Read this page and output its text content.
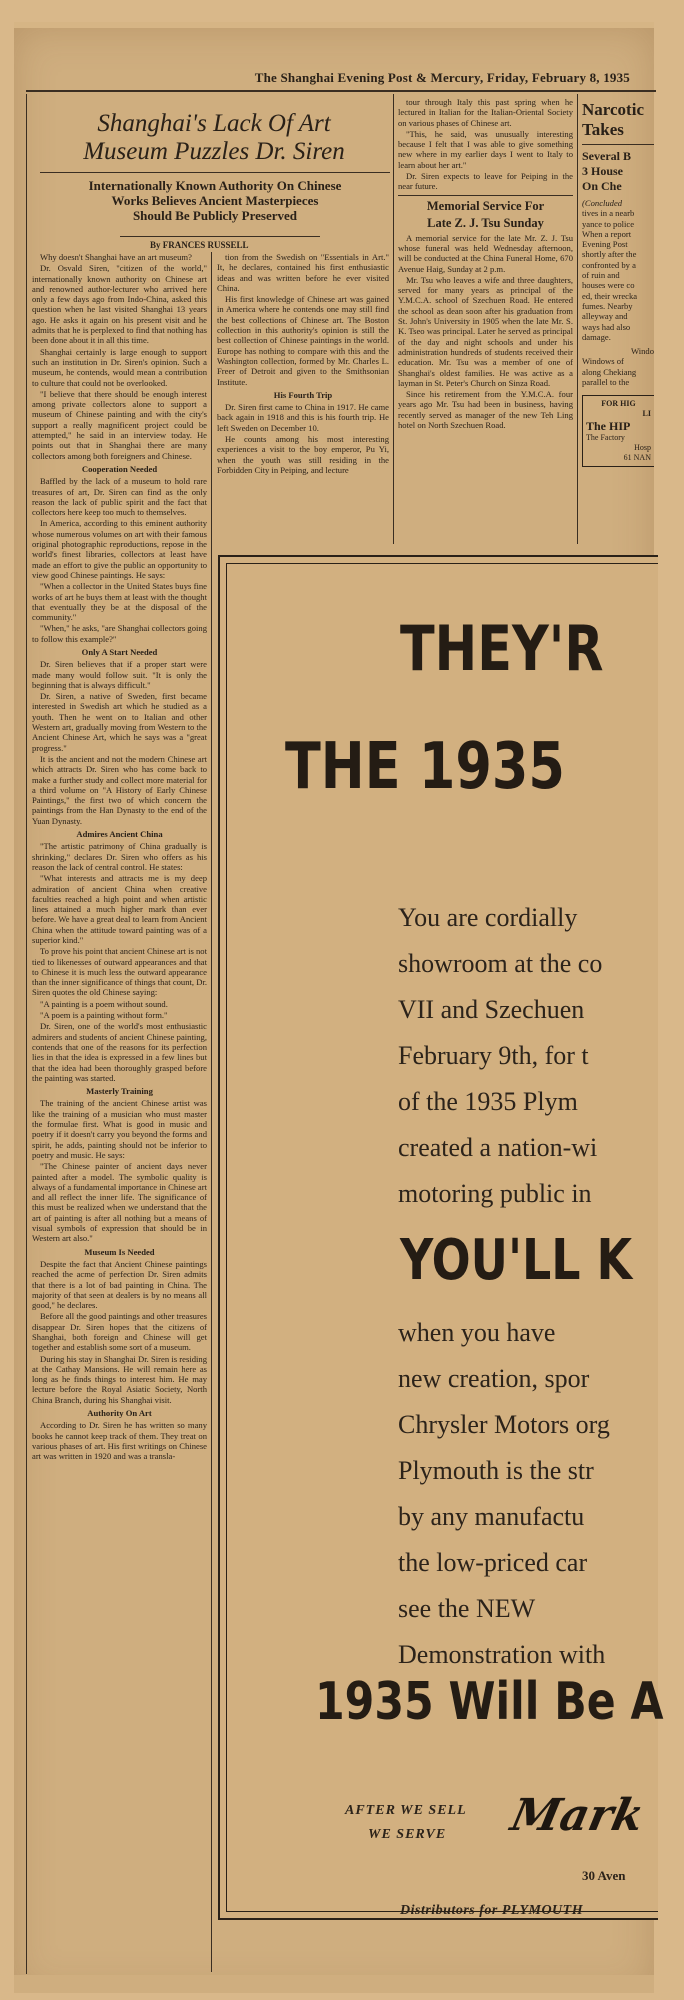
The Shanghai Evening Post & Mercury, Friday, February 8, 1935
Shanghai's Lack Of Art
Museum Puzzles Dr. Siren
Internationally Known Authority On Chinese
Works Believes Ancient Masterpieces
Should Be Publicly Preserved
By FRANCES RUSSELL

Why doesn't Shanghai have an art museum?

Dr. Osvald Siren, "citizen of the world," internationally known authority on Chinese art and renowned author-lecturer who arrived here only a few days ago from Indo-China, asked this question when he last visited Shanghai 13 years ago. He asks it again on his present visit and he admits that he is perplexed to find that nothing has been done about it in all this time.

Shanghai certainly is large enough to support such an institution in Dr. Siren's opinion. Such a museum, he contends, would mean a contribution to culture that could not be overlooked.

"I believe that there should be enough interest among private collectors alone to support a museum of Chinese painting and with the city's support a really magnificent project could be attempted," he said in an interview today. He points out that in Shanghai there are many collectors among both foreigners and Chinese.

Cooperation Needed

Baffled by the lack of a museum to hold rare treasures of art, Dr. Siren can find as the only reason the lack of public spirit and the fact that collectors here keep too much to themselves.

In America, according to this eminent authority whose numerous volumes on art with their famous original photographic reproductions, repose in the world's finest libraries, collectors at least have made an effort to give the public an opportunity to view good Chinese paintings. He says:

"When a collector in the United States buys fine works of art he buys them at least with the thought that eventually they be at the disposal of the community."

"When," he asks, "are Shanghai collectors going to follow this example?"

Only A Start Needed

Dr. Siren believes that if a proper start were made many would follow suit. "It is only the beginning that is always difficult."

Dr. Siren, a native of Sweden, first became interested in Swedish art which he studied as a youth. Then he went on to Italian and other Western art, gradually moving from Western to the Ancient Chinese Art, which he says was a "great progress."

It is the ancient and not the modern Chinese art which attracts Dr. Siren who has come back to make a further study and collect more material for a third volume on "A History of Early Chinese Paintings," the first two of which concern the paintings from the Han Dynasty to the end of the Yuan Dynasty.

Admires Ancient China

"The artistic patrimony of China gradually is shrinking," declares Dr. Siren who offers as his reason the lack of central control. He states:

"What interests and attracts me is my deep admiration of ancient China when creative faculties reached a high point and when artistic lines attained a much higher mark than ever before. We have a great deal to learn from Ancient China when the attitude toward painting was of a superior kind."

To prove his point that ancient Chinese art is not tied to likenesses of outward appearances and that to Chinese it is much less the outward appearance than the inner significance of things that count, Dr. Siren quotes the old Chinese saying:

"A painting is a poem without sound.

"A poem is a painting without form."

Dr. Siren, one of the world's most enthusiastic admirers and students of ancient Chinese painting, contends that one of the reasons for its perfection lies in that the idea is expressed in a few lines but that the idea had been thoroughly grasped before the painting was started.

Masterly Training

The training of the ancient Chinese artist was like the training of a musician who must master the formulae first. What is good in music and poetry if it doesn't carry you beyond the forms and spirit, he adds, painting should not be inferior to poetry and music. He says:

"The Chinese painter of ancient days never painted after a model. The symbolic quality is always of a fundamental importance in Chinese art and all reflect the inner life. The significance of this must be realized when we understand that the art of painting is after all nothing but a means of visual symbols of expression that should be in Western art also."

Museum Is Needed

Despite the fact that Ancient Chinese paintings reached the acme of perfection Dr. Siren admits that there is a lot of bad painting in China. The majority of that seen at dealers is by no means all good," he declares.

Before all the good paintings and other treasures disappear Dr. Siren hopes that the citizens of Shanghai, both foreign and Chinese will get together and establish some sort of a museum.

During his stay in Shanghai Dr. Siren is residing at the Cathay Mansions. He will remain here as long as he finds things to interest him. He may lecture before the Royal Asiatic Society, North China Branch, during his Shanghai visit.

Authority On Art

According to Dr. Siren he has written so many books he cannot keep track of them. They treat on various phases of art. His first writings on Chinese art was written in 1920 and was a transla-

tion from the Swedish on "Essentials in Art." It, he declares, contained his first enthusiastic ideas and was written before he ever visited China.

His first knowledge of Chinese art was gained in America where he contends one may still find the best collections of Chinese art. The Boston collection in this authority's opinion is still the best collection of Chinese paintings in the world. Europe has nothing to compare with this and the Washington collection, formed by Mr. Charles L. Freer of Detroit and given to the Smithsonian Institute.

His Fourth Trip

Dr. Siren first came to China in 1917. He came back again in 1918 and this is his fourth trip. He left Sweden on December 10.

He counts among his most interesting experiences a visit to the boy emperor, Pu Yi, when the youth was still residing in the Forbidden City in Peiping, and lecture

tour through Italy this past spring when he lectured in Italian for the Italian-Oriental Society on various phases of Chinese art.

"This, he said, was unusually interesting because I felt that I was able to give something new where in my earlier days I went to Italy to learn about her art."

Dr. Siren expects to leave for Peiping in the near future.

Memorial Service For
Late Z. J. Tsu Sunday

A memorial service for the late Mr. Z. J. Tsu whose funeral was held Wednesday afternoon, will be conducted at the China Funeral Home, 670 Avenue Haig, Sunday at 2 p.m.

Mr. Tsu who leaves a wife and three daughters, served for many years as principal of the Y.M.C.A. school of Szechuen Road. He entered the school as dean soon after his graduation from St. John's University in 1905 when the late Mr. S. K. Tseo was principal. Later he served as principal of the day and night schools and under his administration hundreds of students received their education. Mr. Tsu was a member of one of Shanghai's oldest families. He was active as a layman in St. Peter's Church on Sinza Road.

Since his retirement from the Y.M.C.A. four years ago Mr. Tsu had been in business, having recently served as manager of the new Teh Ling hotel on North Szechuen Road.

Narcotic
Takes
Several B
3 House
On Che
(Concluded
tives in a nearb
yance to police
When a report
Evening Post
shortly after the
confronted by a
of ruin and
houses were co
ed, their wrecka
fumes. Nearby
alleyway and
ways had also
damage.
Windo
Windows of
along Chekiang
parallel to the
FOR HIG
LI
The HIP
The Factory
Hosp
61 NAN
THEY'R
THE 1935
You are cordially
showroom at the co
VII and Szechuen
February 9th, for t
of the 1935 Plym
created a nation-wi
motoring public in
YOU'LL K
when you have
new creation, spor
Chrysler Motors org
Plymouth is the str
by any manufactu
the low-priced car
see the NEW
Demonstration with
1935 Will Be A
AFTER WE SELL
WE SERVE Mark
30 Aven
Distributors for PLYMOUTH
